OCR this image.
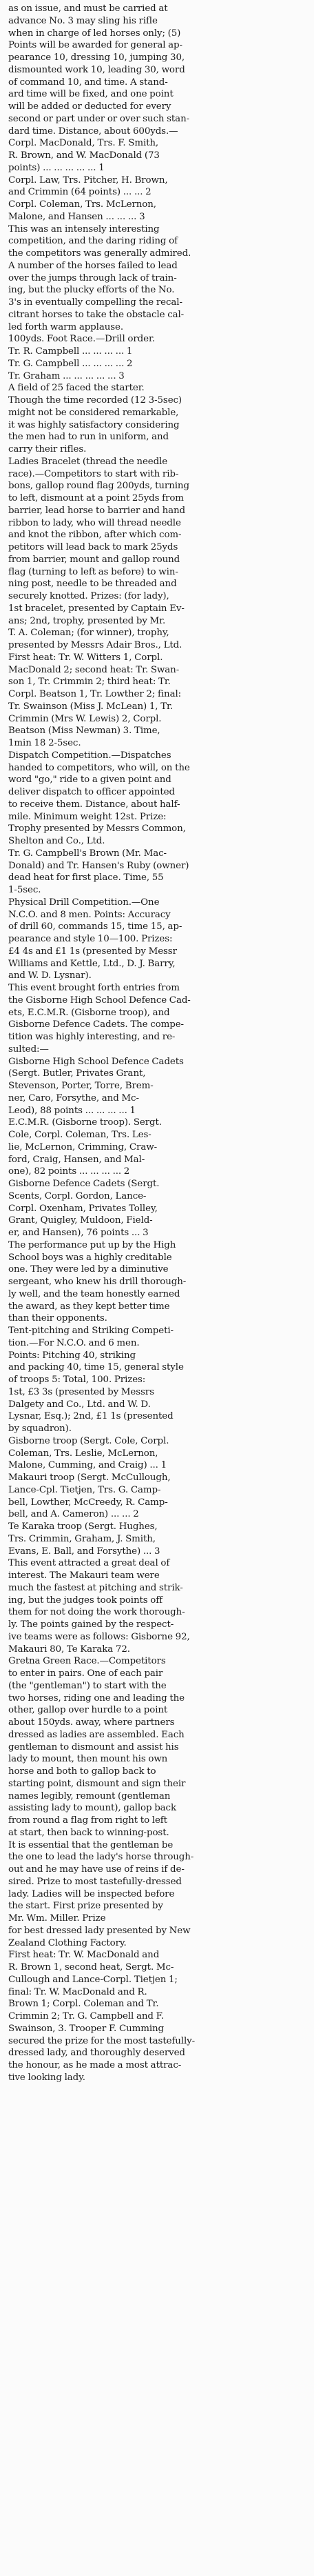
as on issue, and must be carried at
advance No. 3 may sling his rifle
when in charge of led horses only; (5)
Points will be awarded for general ap-
pearance 10, dressing 10, jumping 30,
dismounted work 10, leading 30, word
of command 10, and time. A stand-
ard time will be fixed, and one point
will be added or deducted for every
second or part under or over such stan-
dard time. Distance, about 600yds.—
Corpl. MacDonald, Trs. F. Smith,
R. Brown, and W. MacDonald (73
points) ... ... ... ... ... 1
Corpl. Law, Trs. Pitcher, H. Brown,
and Crimmin (64 points) ... ... 2
Corpl. Coleman, Trs. McLernon,
Malone, and Hansen ... ... ... 3
This was an intensely interesting
competition, and the daring riding of
the competitors was generally admired.
A number of the horses failed to lead
over the jumps through lack of train-
ing, but the plucky efforts of the No.
3's in eventually compelling the recal-
citrant horses to take the obstacle cal-
led forth warm applause.
100yds. Foot Race.—Drill order.
Tr. R. Campbell ... ... ... ... 1
Tr. G. Campbell ... ... ... ... 2
Tr. Graham ... ... ... ... ... 3
A field of 25 faced the starter.
Though the time recorded (12 3-5sec)
might not be considered remarkable,
it was highly satisfactory considering
the men had to run in uniform, and
carry their rifles.
Ladies Bracelet (thread the needle
race).—Competitors to start with rib-
bons, gallop round flag 200yds, turning
to left, dismount at a point 25yds from
barrier, lead horse to barrier and hand
ribbon to lady, who will thread needle
and knot the ribbon, after which com-
petitors will lead back to mark 25yds
from barrier, mount and gallop round
flag (turning to left as before) to win-
ning post, needle to be threaded and
securely knotted. Prizes: (for lady),
1st bracelet, presented by Captain Ev-
ans; 2nd, trophy, presented by Mr.
T. A. Coleman; (for winner), trophy,
presented by Messrs Adair Bros., Ltd.
First heat: Tr. W. Witters 1, Corpl.
MacDonald 2; second heat: Tr. Swan-
son 1, Tr. Crimmin 2; third heat: Tr.
Corpl. Beatson 1, Tr. Lowther 2; final:
Tr. Swainson (Miss J. McLean) 1, Tr.
Crimmin (Mrs W. Lewis) 2, Corpl.
Beatson (Miss Newman) 3. Time,
1min 18 2-5sec.
Dispatch Competition.—Dispatches
handed to competitors, who will, on the
word "go," ride to a given point and
deliver dispatch to officer appointed
to receive them. Distance, about half-
mile. Minimum weight 12st. Prize:
Trophy presented by Messrs Common,
Shelton and Co., Ltd.
Tr. G. Campbell's Brown (Mr. Mac-
Donald) and Tr. Hansen's Ruby (owner)
dead heat for first place. Time, 55
1-5sec.
Physical Drill Competition.—One
N.C.O. and 8 men. Points: Accuracy
of drill 60, commands 15, time 15, ap-
pearance and style 10—100. Prizes:
£4 4s and £1 1s (presented by Messr
Williams and Kettle, Ltd., D. J. Barry,
and W. D. Lysnar).
This event brought forth entries from
the Gisborne High School Defence Cad-
ets, E.C.M.R. (Gisborne troop), and
Gisborne Defence Cadets. The compe-
tition was highly interesting, and re-
sulted:—
Gisborne High School Defence Cadets
(Sergt. Butler, Privates Grant,
Stevenson, Porter, Torre, Brem-
ner, Caro, Forsythe, and Mc-
Leod), 88 points ... ... ... ... 1
E.C.M.R. (Gisborne troop). Sergt.
Cole, Corpl. Coleman, Trs. Les-
lie, McLernon, Crimming, Craw-
ford, Craig, Hansen, and Mal-
one), 82 points ... ... ... ... 2
Gisborne Defence Cadets (Sergt.
Scents, Corpl. Gordon, Lance-
Corpl. Oxenham, Privates Tolley,
Grant, Quigley, Muldoon, Field-
er, and Hansen), 76 points ... 3
The performance put up by the High
School boys was a highly creditable
one. They were led by a diminutive
sergeant, who knew his drill thorough-
ly well, and the team honestly earned
the award, as they kept better time
than their opponents.
Tent-pitching and Striking Competi-
tion.—For N.C.O. and 6 men.
Points: Pitching 40, striking
and packing 40, time 15, general style
of troops 5: Total, 100. Prizes:
1st, £3 3s (presented by Messrs
Dalgety and Co., Ltd. and W. D.
Lysnar, Esq.); 2nd, £1 1s (presented
by squadron).
Gisborne troop (Sergt. Cole, Corpl.
Coleman, Trs. Leslie, McLernon,
Malone, Cumming, and Craig) ... 1
Makauri troop (Sergt. McCullough,
Lance-Cpl. Tietjen, Trs. G. Camp-
bell, Lowther, McCreedy, R. Camp-
bell, and A. Cameron) ... ... 2
Te Karaka troop (Sergt. Hughes,
Trs. Crimmin, Graham, J. Smith,
Evans, E. Ball, and Forsythe) ... 3
This event attracted a great deal of
interest. The Makauri team were
much the fastest at pitching and strik-
ing, but the judges took points off
them for not doing the work thorough-
ly. The points gained by the respect-
ive teams were as follows: Gisborne 92,
Makauri 80, Te Karaka 72.
Gretna Green Race.—Competitors
to enter in pairs. One of each pair
(the "gentleman") to start with the
two horses, riding one and leading the
other, gallop over hurdle to a point
about 150yds. away, where partners
dressed as ladies are assembled. Each
gentleman to dismount and assist his
lady to mount, then mount his own
horse and both to gallop back to
starting point, dismount and sign their
names legibly, remount (gentleman
assisting lady to mount), gallop back
from round a flag from right to left
at start, then back to winning-post.
It is essential that the gentleman be
the one to lead the lady's horse through-
out and he may have use of reins if de-
sired. Prize to most tastefully-dressed
lady. Ladies will be inspected before
the start. First prize presented by
Mr. Wm. Miller. Prize
for best dressed lady presented by New
Zealand Clothing Factory.
First heat: Tr. W. MacDonald and
R. Brown 1, second heat, Sergt. Mc-
Cullough and Lance-Corpl. Tietjen 1;
final: Tr. W. MacDonald and R.
Brown 1; Corpl. Coleman and Tr.
Crimmin 2; Tr. G. Campbell and F.
Swainson, 3. Trooper F. Cumming
secured the prize for the most tastefully-
dressed lady, and thoroughly deserved
the honour, as he made a most attrac-
tive looking lady.
